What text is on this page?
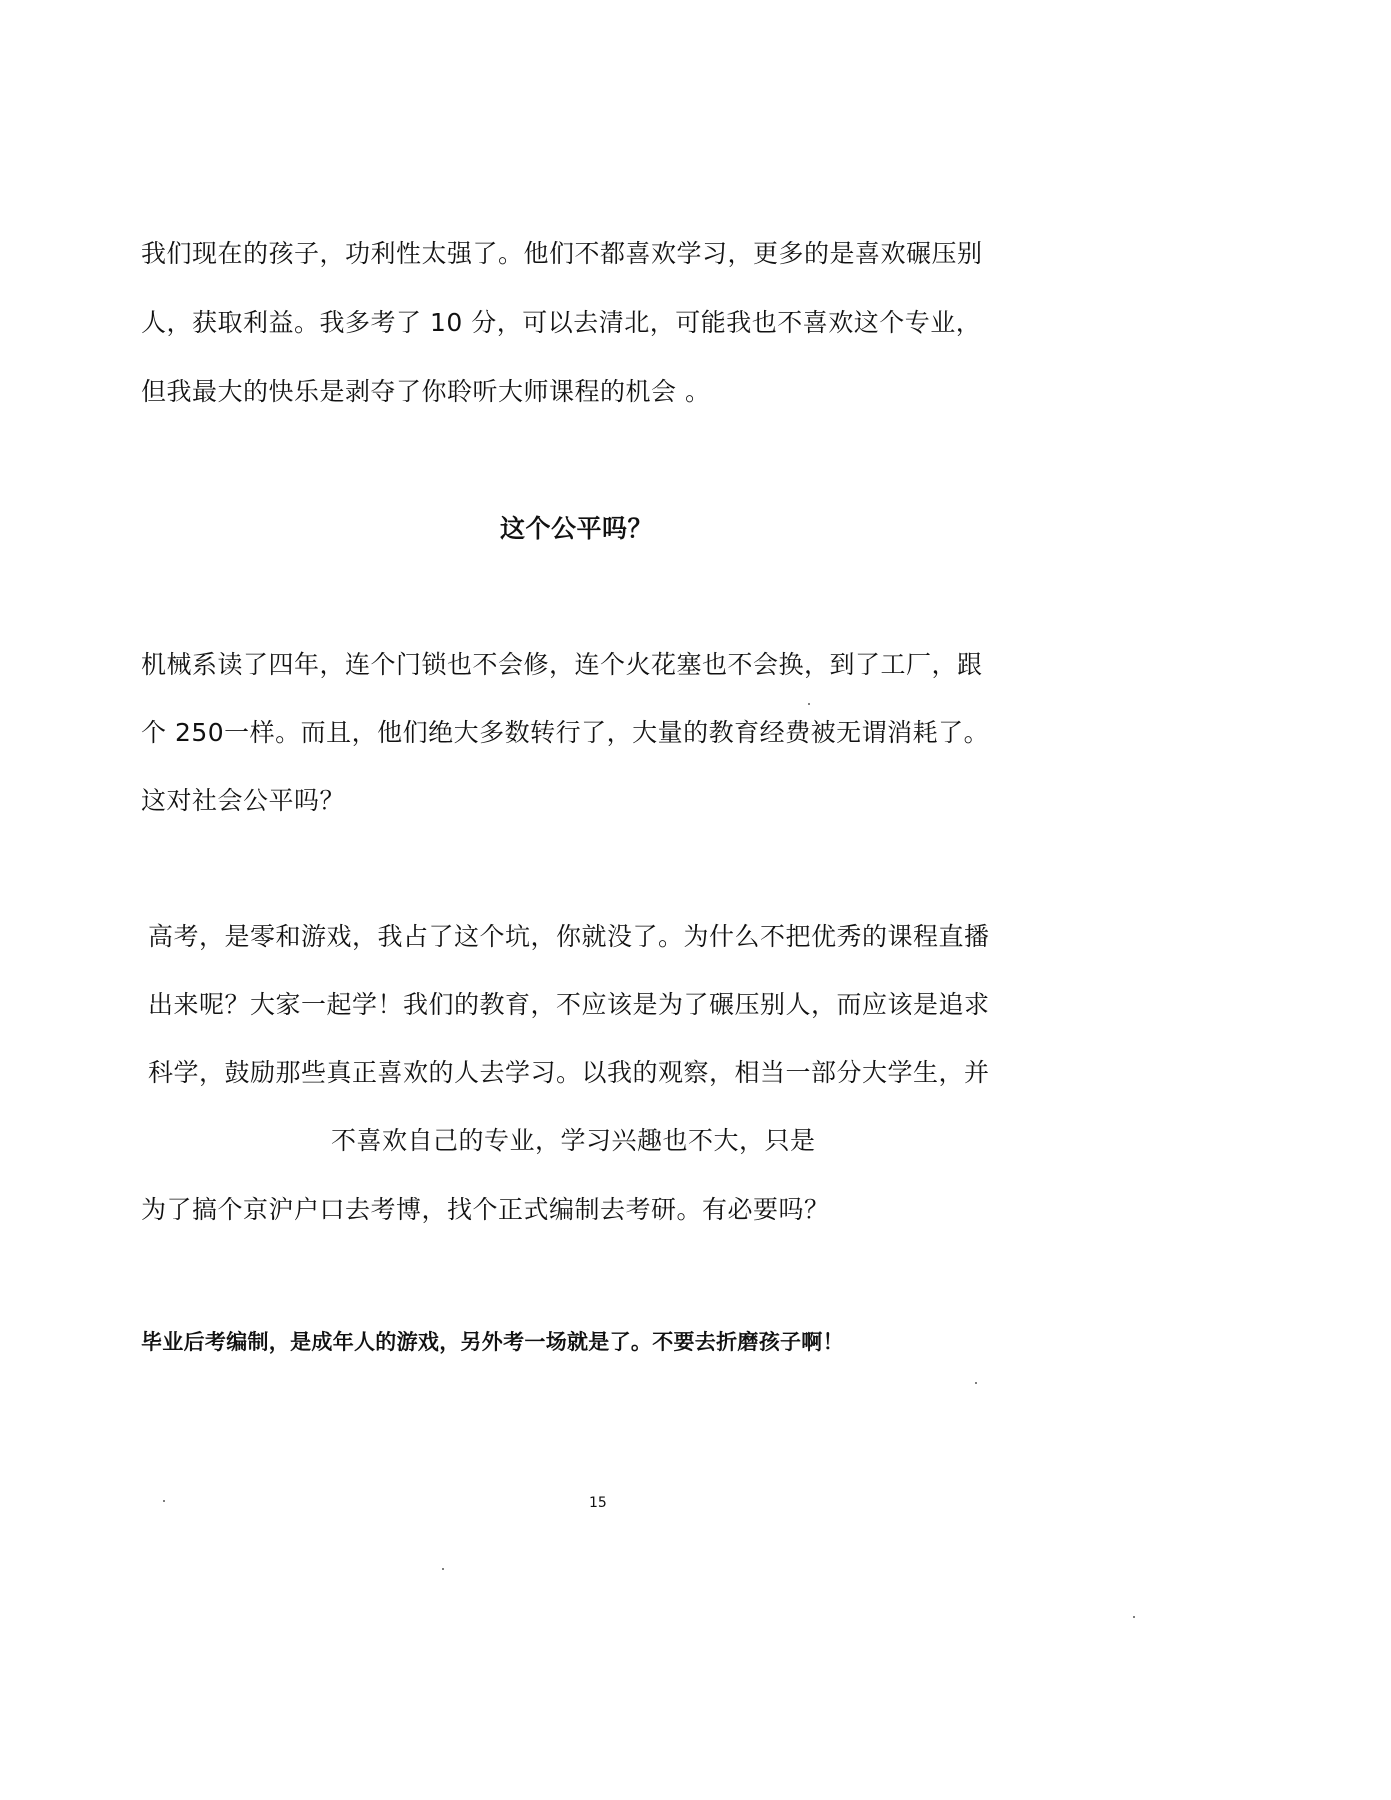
我们现在的孩子，功利性太强了。他们不都喜欢学习，更多的是喜欢碾压别
人，获取利益。我多考了 10 分，可以去清北，可能我也不喜欢这个专业，
但我最大的快乐是剥夺了你聆听大师课程的机会 。
这个公平吗？
机械系读了四年，连个门锁也不会修，连个火花塞也不会换，到了工厂，跟
个 250一样。而且，他们绝大多数转行了，大量的教育经费被无谓消耗了。
这对社会公平吗？
高考，是零和游戏，我占了这个坑，你就没了。为什么不把优秀的课程直播
出来呢？大家一起学！我们的教育，不应该是为了碾压别人，而应该是追求
科学，鼓励那些真正喜欢的人去学习。以我的观察，相当一部分大学生，并
不喜欢自己的专业，学习兴趣也不大，只是
为了搞个京沪户口去考博，找个正式编制去考研。有必要吗？
毕业后考编制，是成年人的游戏，另外考一场就是了。不要去折磨孩子啊！
15
